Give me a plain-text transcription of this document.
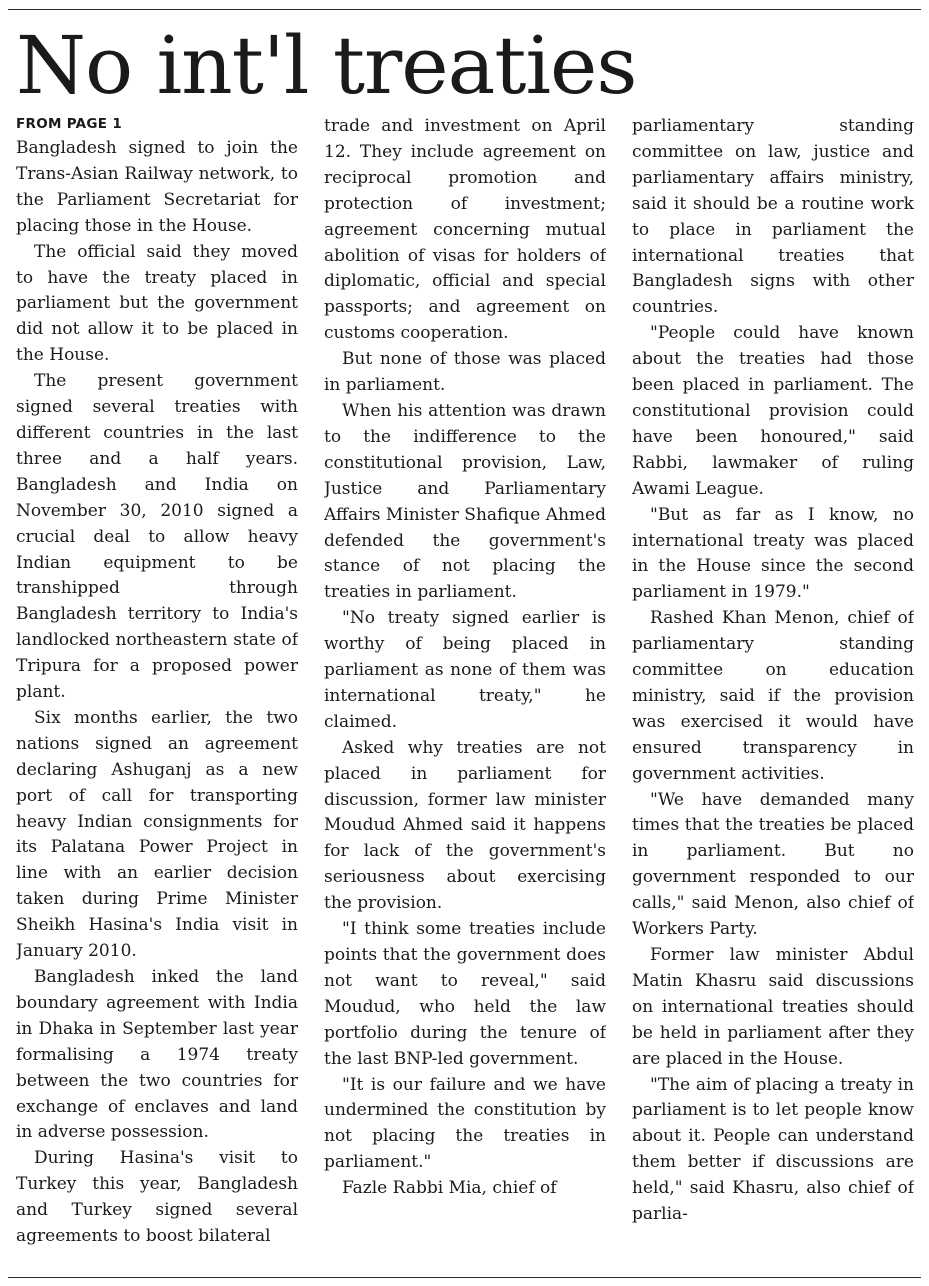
No int'l treaties
FROM PAGE 1

Bangladesh signed to join the Trans-Asian Railway network, to the Parliament Secretariat for placing those in the House.

The official said they moved to have the treaty placed in parliament but the government did not allow it to be placed in the House.

The present government signed several treaties with different countries in the last three and a half years. Bangladesh and India on November 30, 2010 signed a crucial deal to allow heavy Indian equipment to be transhipped through Bangladesh territory to India's landlocked northeastern state of Tripura for a proposed power plant.

Six months earlier, the two nations signed an agreement declaring Ashuganj as a new port of call for transporting heavy Indian consignments for its Palatana Power Project in line with an earlier decision taken during Prime Minister Sheikh Hasina's India visit in January 2010.

Bangladesh inked the land boundary agreement with India in Dhaka in September last year formalising a 1974 treaty between the two countries for exchange of enclaves and land in adverse possession.

During Hasina's visit to Turkey this year, Bangladesh and Turkey signed several agreements to boost bilateral

trade and investment on April 12. They include agreement on reciprocal promotion and protection of investment; agreement concerning mutual abolition of visas for holders of diplomatic, official and special passports; and agreement on customs cooperation.

But none of those was placed in parliament.

When his attention was drawn to the indifference to the constitutional provision, Law, Justice and Parliamentary Affairs Minister Shafique Ahmed defended the government's stance of not placing the treaties in parliament.

"No treaty signed earlier is worthy of being placed in parliament as none of them was international treaty," he claimed.

Asked why treaties are not placed in parliament for discussion, former law minister Moudud Ahmed said it happens for lack of the government's seriousness about exercising the provision.

"I think some treaties include points that the government does not want to reveal," said Moudud, who held the law portfolio during the tenure of the last BNP-led government.

"It is our failure and we have undermined the constitution by not placing the treaties in parliament."

Fazle Rabbi Mia, chief of

parliamentary standing committee on law, justice and parliamentary affairs ministry, said it should be a routine work to place in parliament the international treaties that Bangladesh signs with other countries.

"People could have known about the treaties had those been placed in parliament. The constitutional provision could have been honoured," said Rabbi, lawmaker of ruling Awami League.

"But as far as I know, no international treaty was placed in the House since the second parliament in 1979."

Rashed Khan Menon, chief of parliamentary standing committee on education ministry, said if the provision was exercised it would have ensured transparency in government activities.

"We have demanded many times that the treaties be placed in parliament. But no government responded to our calls," said Menon, also chief of Workers Party.

Former law minister Abdul Matin Khasru said discussions on international treaties should be held in parliament after they are placed in the House.

"The aim of placing a treaty in parliament is to let people know about it. People can understand them better if discussions are held," said Khasru, also chief of parlia-
